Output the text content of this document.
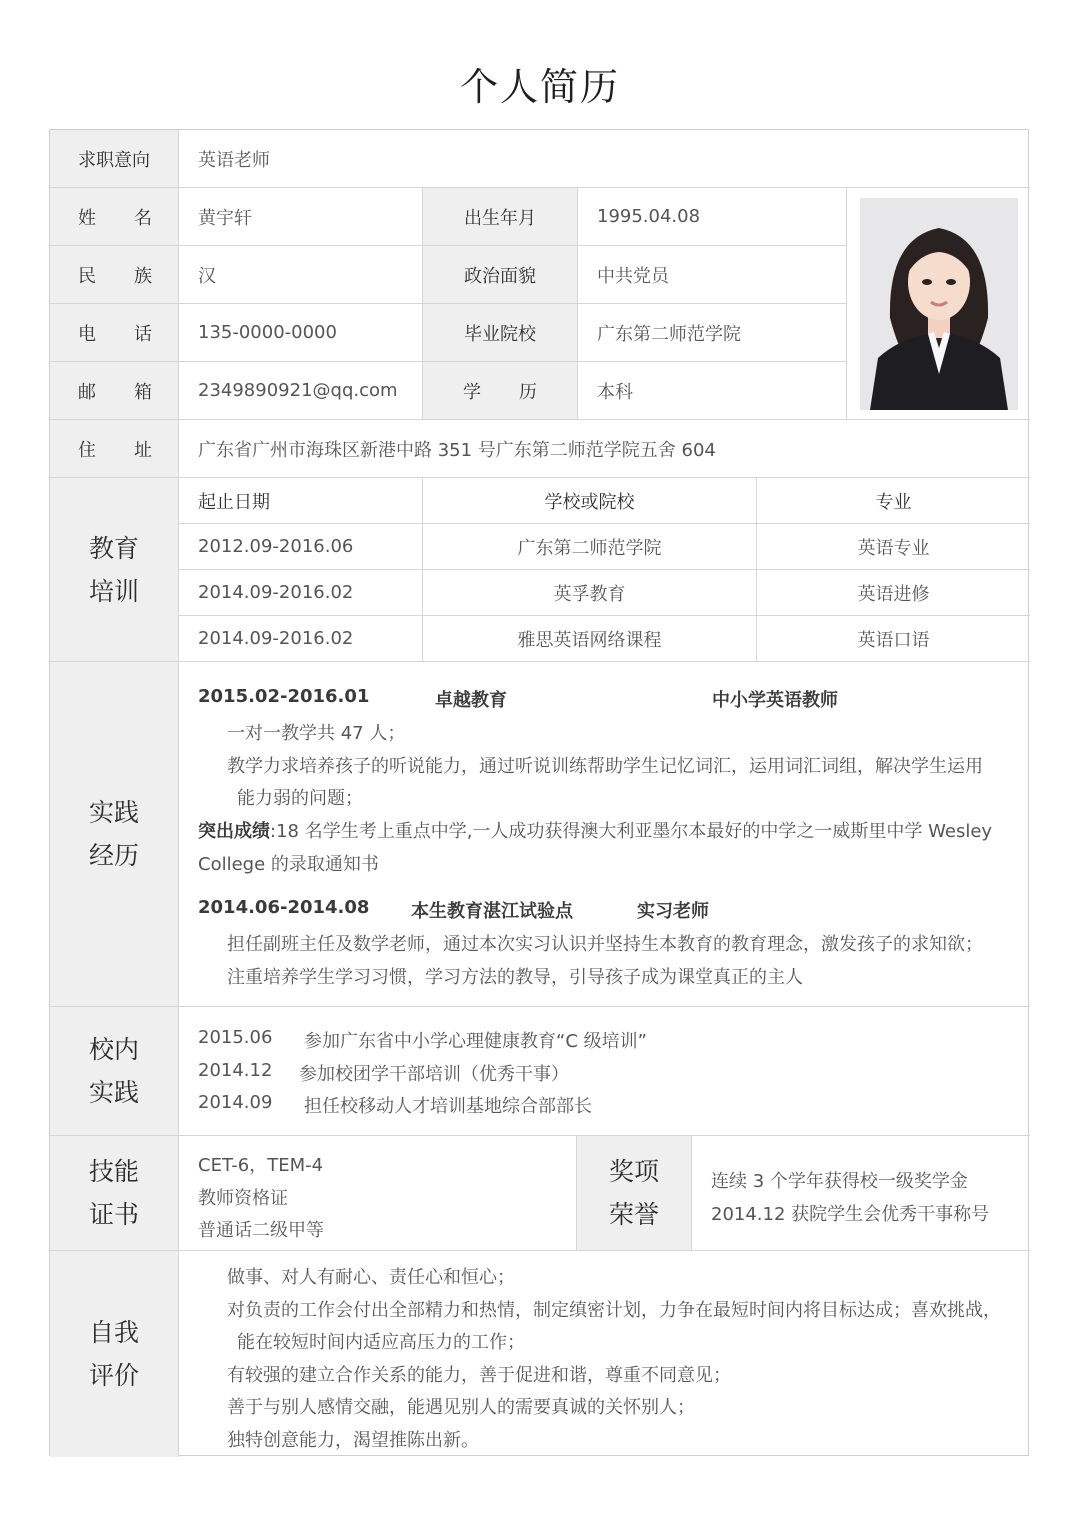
个人简历
求职意向	英语老师
姓 名	黄宇轩	出生年月	1995.04.08
民 族	汉	政治面貌	中共党员
电 话	135-0000-0000	毕业院校	广东第二师范学院
邮 箱	2349890921@qq.com	学 历	本科
住 址	广东省广州市海珠区新港中路 351 号广东第二师范学院五舍 604
教育
培训
起止日期	学校或院校	专业
2012.09-2016.06	广东第二师范学院	英语专业
2014.09-2016.02	英孚教育	英语进修
2014.09-2016.02	雅思英语网络课程	英语口语
实践
经历
2015.02-2016.01	卓越教育	中小学英语教师
一对一教学共 47 人；
教学力求培养孩子的听说能力，通过听说训练帮助学生记忆词汇，运用词汇词组，解决学生运用
能力弱的问题；
突出成绩:18 名学生考上重点中学,一人成功获得澳大利亚墨尔本最好的中学之一威斯里中学 Wesley
College 的录取通知书
2014.06-2014.08 本生教育湛江试验点	实习老师
担任副班主任及数学老师，通过本次实习认识并坚持生本教育的教育理念，激发孩子的求知欲；
注重培养学生学习习惯，学习方法的教导，引导孩子成为课堂真正的主人
校内
实践
2015.06 参加广东省中小学心理健康教育“C 级培训”
2014.12 参加校团学干部培训（优秀干事）
2014.09 担任校移动人才培训基地综合部部长
技能
证书
CET-6，TEM-4
教师资格证
普通话二级甲等
奖项
荣誉
连续 3 个学年获得校一级奖学金
2014.12 获院学生会优秀干事称号
自我
评价
做事、对人有耐心、责任心和恒心；
对负责的工作会付出全部精力和热情，制定缜密计划，力争在最短时间内将目标达成；喜欢挑战，
能在较短时间内适应高压力的工作；
有较强的建立合作关系的能力，善于促进和谐，尊重不同意见；
善于与别人感情交融，能遇见别人的需要真诚的关怀别人；
独特创意能力，渴望推陈出新。
